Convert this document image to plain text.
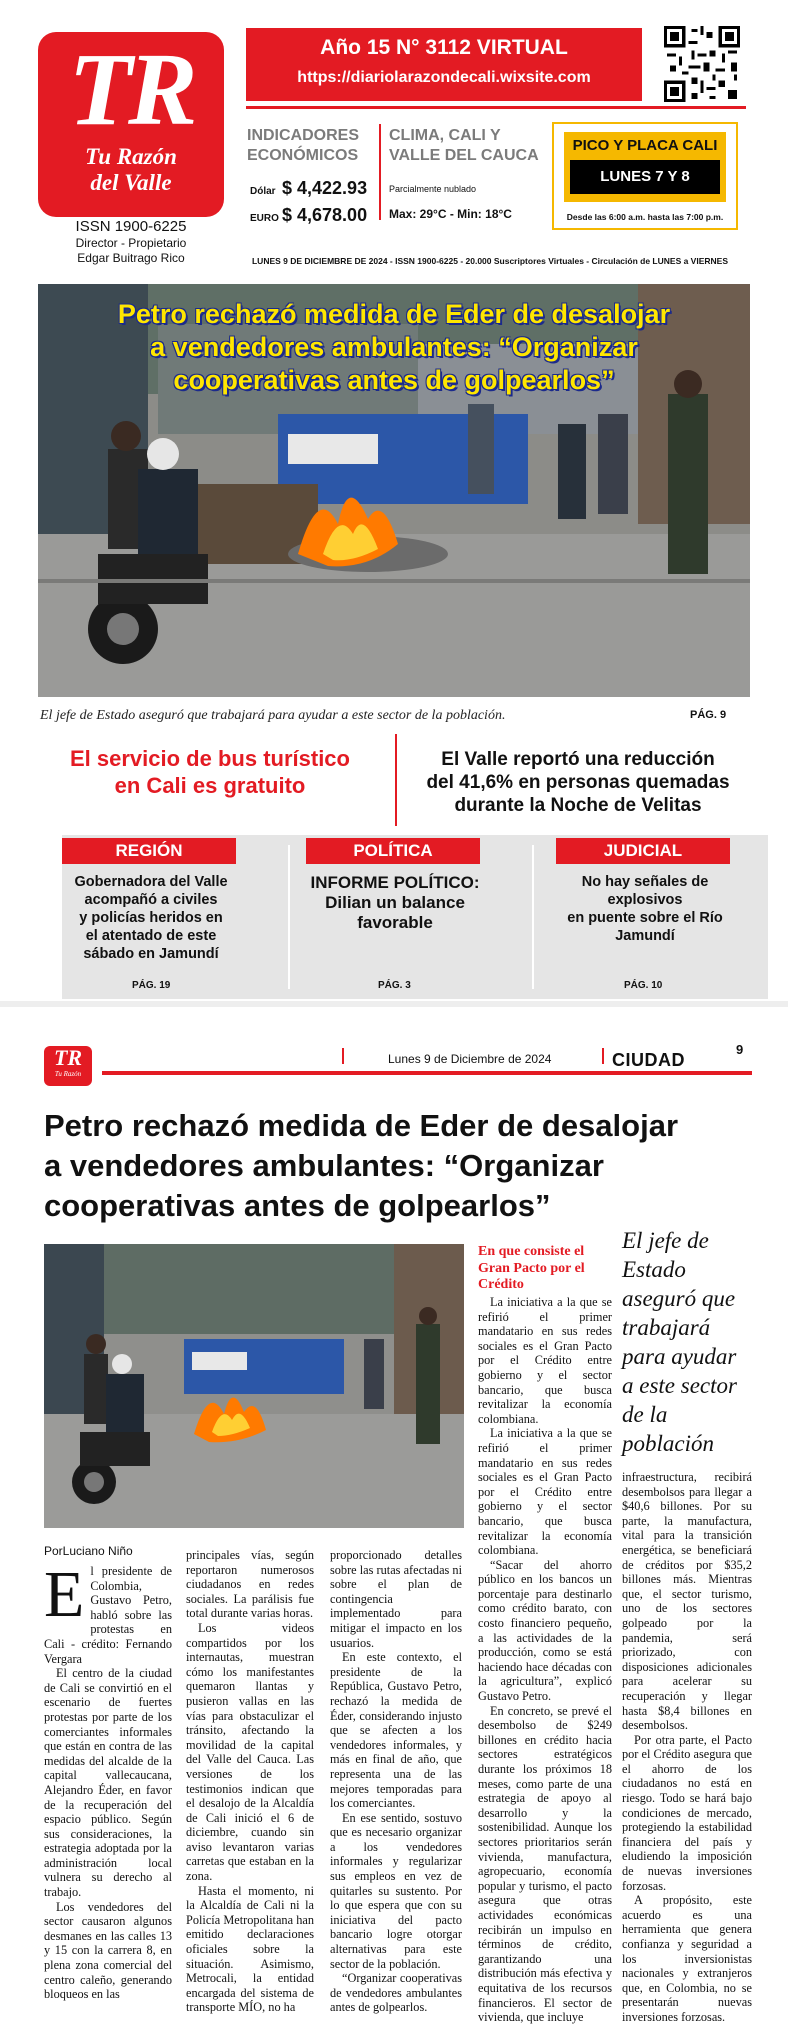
TR
Tu Razón
del Valle
ISSN 1900-6225
Director - Propietario
Edgar Buitrago Rico
Año 15 N° 3112 VIRTUAL
https://diariolarazondecali.wixsite.com
INDICADORES
ECONÓMICOS
Dólar $ 4,422.93
EURO $ 4,678.00
CLIMA, CALI Y
VALLE DEL CAUCA
Parcialmente nublado
Max: 29°C - Min: 18°C
PICO Y PLACA CALI
LUNES 7 Y 8
Desde las 6:00 a.m. hasta las 7:00 p.m.
LUNES 9 DE DICIEMBRE DE 2024 - ISSN 1900-6225 - 20.000 Suscriptores Virtuales - Circulación de LUNES a VIERNES
Petro rechazó medida de Eder de desalojar
a vendedores ambulantes: “Organizar
cooperativas antes de golpearlos”
El jefe de Estado aseguró que trabajará para ayudar a este sector de la población.	PÁG. 9
El servicio de bus turístico
en Cali es gratuito
El Valle reportó una reducción
del 41,6% en personas quemadas
durante la Noche de Velitas
REGIÓN
Gobernadora del Valle
acompañó a civiles
y policías heridos en
el atentado de este
sábado en Jamundí
PÁG. 19
POLÍTICA
INFORME POLÍTICO:
Dilian un balance
favorable
PÁG. 3
JUDICIAL
No hay señales de
explosivos
en puente sobre el Río
Jamundí
PÁG. 10
TR
Tu Razón
Lunes 9 de Diciembre de 2024	CIUDAD
9
Petro rechazó medida de Eder de desalojar
a vendedores ambulantes: “Organizar
cooperativas antes de golpearlos”
PorLuciano Niño
E l presidente de Colombia, Gustavo Petro, habló sobre las protestas en Cali - crédito: Fernando Vergara

El centro de la ciudad de Cali se convirtió en el escenario de fuertes protestas por parte de los comerciantes informales que están en contra de las medidas del alcalde de la capital vallecaucana, Alejandro Éder, en favor de la recuperación del espacio público. Según sus consideraciones, la estrategia adoptada por la administración local vulnera su derecho al trabajo.

Los vendedores del sector causaron algunos desmanes en las calles 13 y 15 con la carrera 8, en plena zona comercial del centro caleño, generando bloqueos en las

principales vías, según reportaron numerosos ciudadanos en redes sociales. La parálisis fue total durante varias horas.

Los videos compartidos por los internautas, muestran cómo los manifestantes quemaron llantas y pusieron vallas en las vías para obstaculizar el tránsito, afectando la movilidad de la capital del Valle del Cauca. Las versiones de los testimonios indican que el desalojo de la Alcaldía de Cali inició el 6 de diciembre, cuando sin aviso levantaron varias carretas que estaban en la zona.

Hasta el momento, ni la Alcaldía de Cali ni la Policía Metropolitana han emitido declaraciones oficiales sobre la situación. Asimismo, Metrocali, la entidad encargada del sistema de transporte MÍO, no ha

proporcionado detalles sobre las rutas afectadas ni sobre el plan de contingencia implementado para mitigar el impacto en los usuarios.

En este contexto, el presidente de la República, Gustavo Petro, rechazó la medida de Éder, considerando injusto que se afecten a los vendedores informales, y más en final de año, que representa una de las mejores temporadas para los comerciantes.

En ese sentido, sostuvo que es necesario organizar a los vendedores informales y regularizar sus empleos en vez de quitarles su sustento. Por lo que espera que con su iniciativa del pacto bancario logre otorgar alternativas para este sector de la población.

“Organizar cooperativas de vendedores ambulantes antes de golpearlos.

En que consiste el Gran Pacto por el Crédito

La iniciativa a la que se refirió el primer mandatario en sus redes sociales es el Gran Pacto por el Crédito entre gobierno y el sector bancario, que busca revitalizar la economía colombiana.

La iniciativa a la que se refirió el primer mandatario en sus redes sociales es el Gran Pacto por el Crédito entre gobierno y el sector bancario, que busca revitalizar la economía colombiana.

“Sacar del ahorro público en los bancos un porcentaje para destinarlo como crédito barato, con costo financiero pequeño, a las actividades de la producción, como se está haciendo hace décadas con la agricultura”, explicó Gustavo Petro.

En concreto, se prevé el desembolso de $249 billones en crédito hacia sectores estratégicos durante los próximos 18 meses, como parte de una estrategia de apoyo al desarrollo y la sostenibilidad. Aunque los sectores prioritarios serán vivienda, manufactura, agropecuario, economía popular y turismo, el pacto asegura que otras actividades económicas recibirán un impulso en términos de crédito, garantizando una distribución más efectiva y equitativa de los recursos financieros. El sector de vivienda, que incluye

El jefe de Estado aseguró que trabajará para ayudar a este sector de la población

infraestructura, recibirá desembolsos para llegar a $40,6 billones. Por su parte, la manufactura, vital para la transición energética, se beneficiará de créditos por $35,2 billones más. Mientras que, el sector turismo, uno de los sectores golpeado por la pandemia, será priorizado, con disposiciones adicionales para acelerar su recuperación y llegar hasta $8,4 billones en desembolsos.

Por otra parte, el Pacto por el Crédito asegura que el ahorro de los ciudadanos no está en riesgo. Todo se hará bajo condiciones de mercado, protegiendo la estabilidad financiera del país y eludiendo la imposición de nuevas inversiones forzosas.

A propósito, este acuerdo es una herramienta que genera confianza y seguridad a los inversionistas nacionales y extranjeros que, en Colombia, no se presentarán nuevas inversiones forzosas.
